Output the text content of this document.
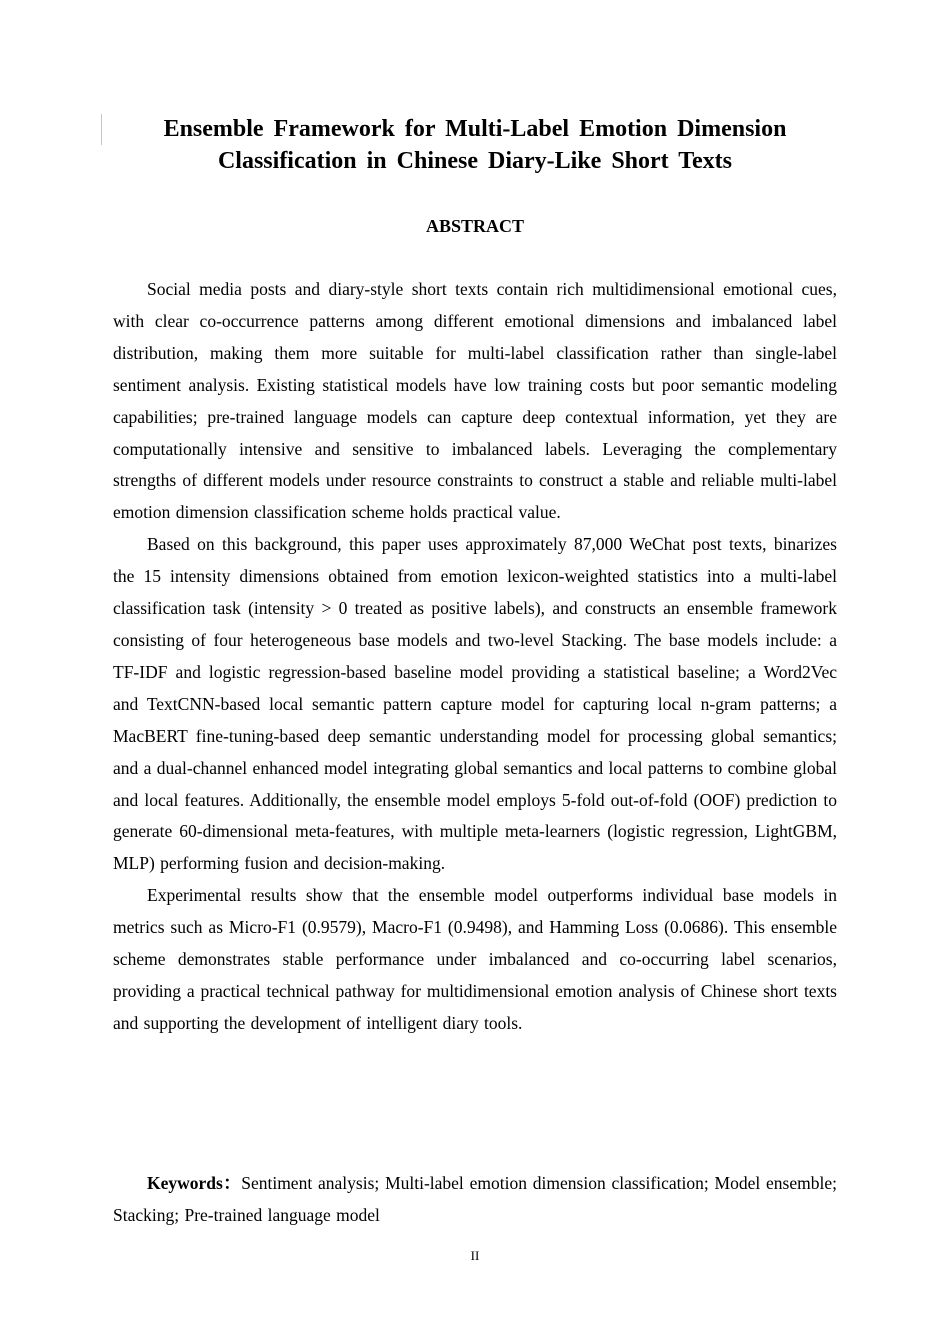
Ensemble Framework for Multi-Label Emotion Dimension Classification in Chinese Diary-Like Short Texts
ABSTRACT

Social media posts and diary-style short texts contain rich multidimensional emotional cues, with clear co-occurrence patterns among different emotional dimensions and imbalanced label distribution, making them more suitable for multi-label classification rather than single-label sentiment analysis. Existing statistical models have low training costs but poor semantic modeling capabilities; pre-trained language models can capture deep contextual information, yet they are computationally intensive and sensitive to imbalanced labels. Leveraging the complementary strengths of different models under resource constraints to construct a stable and reliable multi-label emotion dimension classification scheme holds practical value.

Based on this background, this paper uses approximately 87,000 WeChat post texts, binarizes the 15 intensity dimensions obtained from emotion lexicon-weighted statistics into a multi-label classification task (intensity > 0 treated as positive labels), and constructs an ensemble framework consisting of four heterogeneous base models and two-level Stacking. The base models include: a TF-IDF and logistic regression-based baseline model providing a statistical baseline; a Word2Vec and TextCNN-based local semantic pattern capture model for capturing local n-gram patterns; a MacBERT fine-tuning-based deep semantic understanding model for processing global semantics; and a dual-channel enhanced model integrating global semantics and local patterns to combine global and local features. Additionally, the ensemble model employs 5-fold out-of-fold (OOF) prediction to generate 60-dimensional meta-features, with multiple meta-learners (logistic regression, LightGBM, MLP) performing fusion and decision-making.

Experimental results show that the ensemble model outperforms individual base models in metrics such as Micro-F1 (0.9579), Macro-F1 (0.9498), and Hamming Loss (0.0686). This ensemble scheme demonstrates stable performance under imbalanced and co-occurring label scenarios, providing a practical technical pathway for multidimensional emotion analysis of Chinese short texts and supporting the development of intelligent diary tools.

Keywords：Sentiment analysis; Multi-label emotion dimension classification; Model ensemble; Stacking; Pre-trained language model

II
